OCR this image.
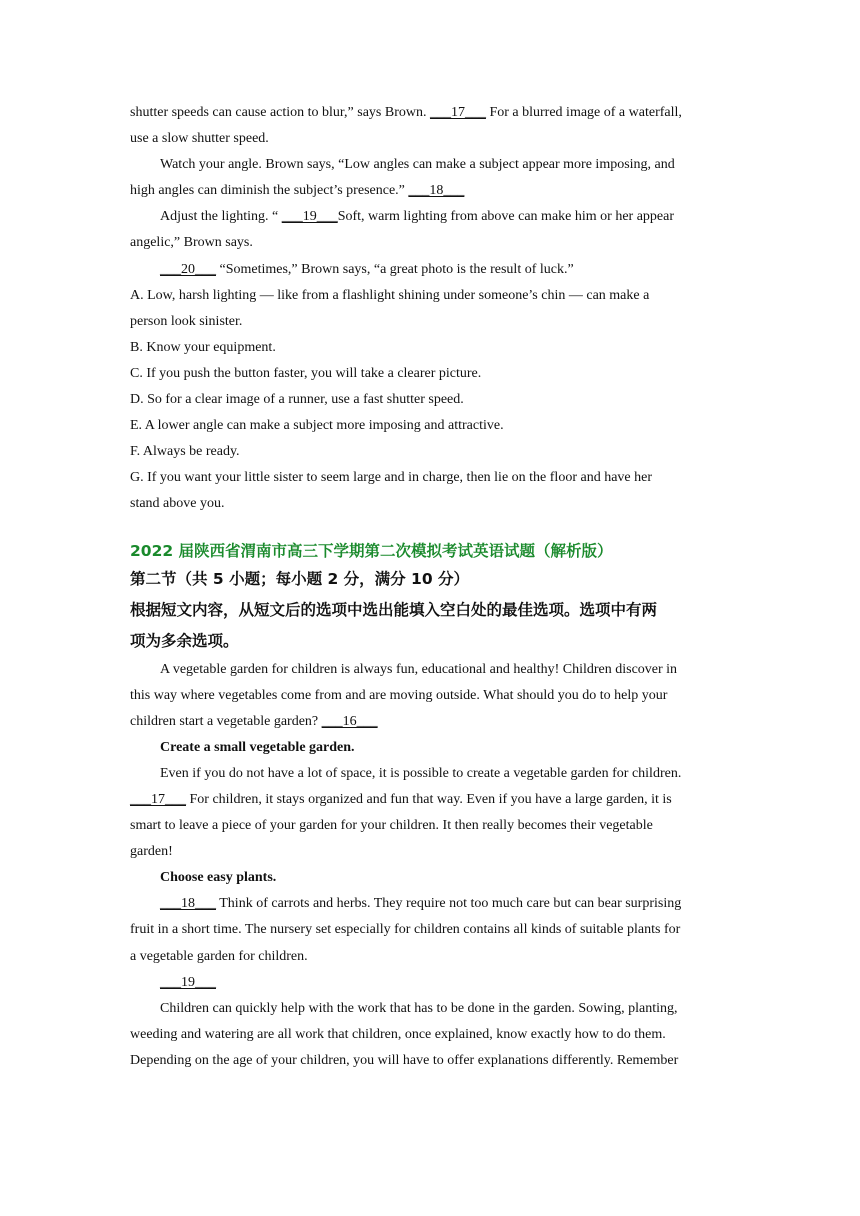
shutter speeds can cause action to blur,” says Brown. ___17___ For a blurred image of a waterfall,
use a slow shutter speed.
Watch your angle. Brown says, “Low angles can make a subject appear more imposing, and
high angles can diminish the subject’s presence.” ___18___
Adjust the lighting. “ ___19___Soft, warm lighting from above can make him or her appear
angelic,” Brown says.
___20___ “Sometimes,” Brown says, “a great photo is the result of luck.”
A. Low, harsh lighting — like from a flashlight shining under someone’s chin — can make a
person look sinister.
B. Know your equipment.
C. If you push the button faster, you will take a clearer picture.
D. So for a clear image of a runner, use a fast shutter speed.
E. A lower angle can make a subject more imposing and attractive.
F. Always be ready.
G. If you want your little sister to seem large and in charge, then lie on the floor and have her
stand above you.
2022 届陕西省渭南市高三下学期第二次模拟考试英语试题（解析版）
第二节（共 5 小题；每小题 2 分，满分 10 分）
根据短文内容，从短文后的选项中选出能填入空白处的最佳选项。选项中有两
项为多余选项。
A vegetable garden for children is always fun, educational and healthy! Children discover in
this way where vegetables come from and are moving outside. What should you do to help your
children start a vegetable garden? ___16___
Create a small vegetable garden.
Even if you do not have a lot of space, it is possible to create a vegetable garden for children.
___17___ For children, it stays organized and fun that way. Even if you have a large garden, it is
smart to leave a piece of your garden for your children. It then really becomes their vegetable
garden!
Choose easy plants.
___18___ Think of carrots and herbs. They require not too much care but can bear surprising
fruit in a short time. The nursery set especially for children contains all kinds of suitable plants for
a vegetable garden for children.
___19___
Children can quickly help with the work that has to be done in the garden. Sowing, planting,
weeding and watering are all work that children, once explained, know exactly how to do them.
Depending on the age of your children, you will have to offer explanations differently. Remember
